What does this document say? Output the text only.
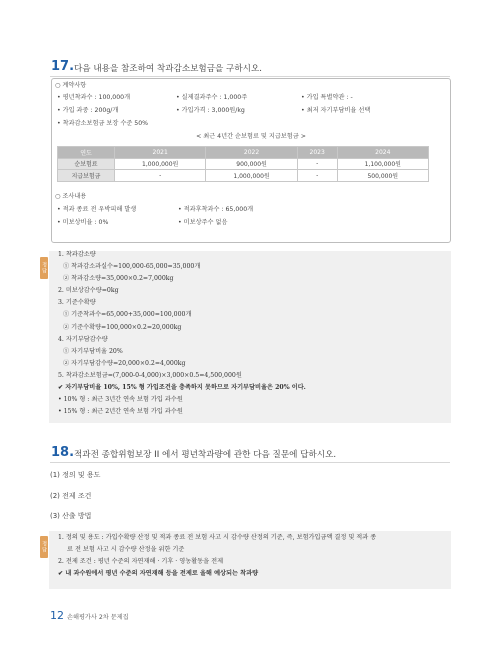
17. 다음 내용을 참조하여 착과감소보험금을 구하시오.
○ 계약사항
• 평년착과수 : 100,000개	• 실제결과주수 : 1,000주	• 가입 특별약관 : -
• 가입 과중 : 200g/개	• 가입가격 : 3,000원/kg	• 최저 자기부담비율 선택
• 착과감소보험금 보장 수준 50%
< 최근 4년간 순보험료 및 지급보험금 >
연도	2021	2022	2023	2024
순보험료	1,000,000원	900,000원	-	1,100,000원
지급보험금	-	1,000,000원	-	500,000원
○ 조사내용
• 적과 종료 전 우박피해 발생	• 적과후착과수 : 65,000개
• 미보상비율 : 0%	• 미보상주수 없음
정답
1. 착과감소량
① 착과감소과실수=100,000-65,000=35,000개
② 착과감소량=35,000×0.2=7,000kg
2. 미보상감수량=0kg
3. 기준수확량
① 기준착과수=65,000+35,000=100,000개
② 기준수확량=100,000×0.2=20,000kg
4. 자기부담감수량
① 자기부담비율 20%
② 자기부담감수량=20,000×0.2=4,000kg
5. 착과감소보험금=(7,000-0-4,000)×3,000×0.5=4,500,000원
✔ 자기부담비율 10%, 15% 형 가입조건을 충족하지 못하므로 자기부담비율은 20% 이다.
• 10% 형 : 최근 3년간 연속 보험 가입 과수원
• 15% 형 : 최근 2년간 연속 보험 가입 과수원
18. 적과전 종합위험보장 II 에서 평년착과량에 관한 다음 질문에 답하시오.
(1) 정의 및 용도
(2) 전제 조건
(3) 산출 방법
정답
1. 정의 및 용도 : 가입수확량 산정 및 적과 종료 전 보험 사고 시 감수량 산정의 기준, 즉, 보험가입금액 결정 및 적과 종
료 전 보험 사고 시 감수량 산정을 위한 기준
2. 전제 조건 : 평년 수준의 자연재해 · 기후 · 영농활동을 전제
✔ 내 과수원에서 평년 수준의 자연재해 등을 전제로 올해 예상되는 착과량
12 손해평가사 2차 문제집
